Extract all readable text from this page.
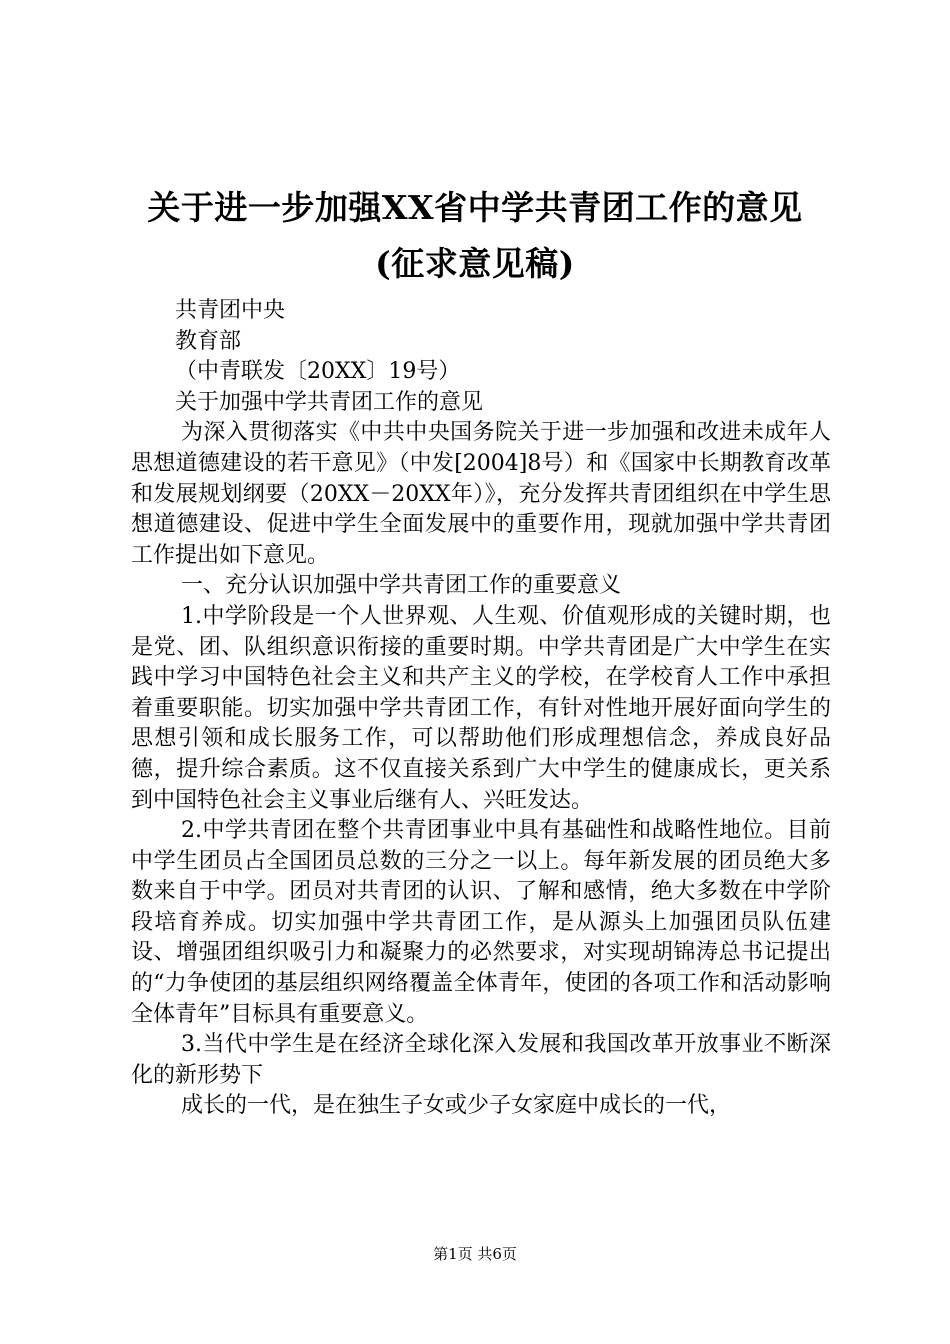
关于进一步加强XX省中学共青团工作的意见
(征求意见稿)

共青团中央

教育部

（中青联发〔20XX〕19号）

关于加强中学共青团工作的意见

为深入贯彻落实《中共中央国务院关于进一步加强和改进未成年人思想道德建设的若干意见》（中发[2004]8号）和《国家中长期教育改革和发展规划纲要（20XX－20XX年）》，充分发挥共青团组织在中学生思想道德建设、促进中学生全面发展中的重要作用，现就加强中学共青团工作提出如下意见。

一、充分认识加强中学共青团工作的重要意义

1.中学阶段是一个人世界观、人生观、价值观形成的关键时期，也是党、团、队组织意识衔接的重要时期。中学共青团是广大中学生在实践中学习中国特色社会主义和共产主义的学校，在学校育人工作中承担着重要职能。切实加强中学共青团工作，有针对性地开展好面向学生的思想引领和成长服务工作，可以帮助他们形成理想信念，养成良好品德，提升综合素质。这不仅直接关系到广大中学生的健康成长，更关系到中国特色社会主义事业后继有人、兴旺发达。

2.中学共青团在整个共青团事业中具有基础性和战略性地位。目前中学生团员占全国团员总数的三分之一以上。每年新发展的团员绝大多数来自于中学。团员对共青团的认识、了解和感情，绝大多数在中学阶段培育养成。切实加强中学共青团工作，是从源头上加强团员队伍建设、增强团组织吸引力和凝聚力的必然要求，对实现胡锦涛总书记提出的“力争使团的基层组织网络覆盖全体青年，使团的各项工作和活动影响全体青年”目标具有重要意义。

3.当代中学生是在经济全球化深入发展和我国改革开放事业不断深化的新形势下

成长的一代，是在独生子女或少子女家庭中成长的一代，

第1页 共6页
